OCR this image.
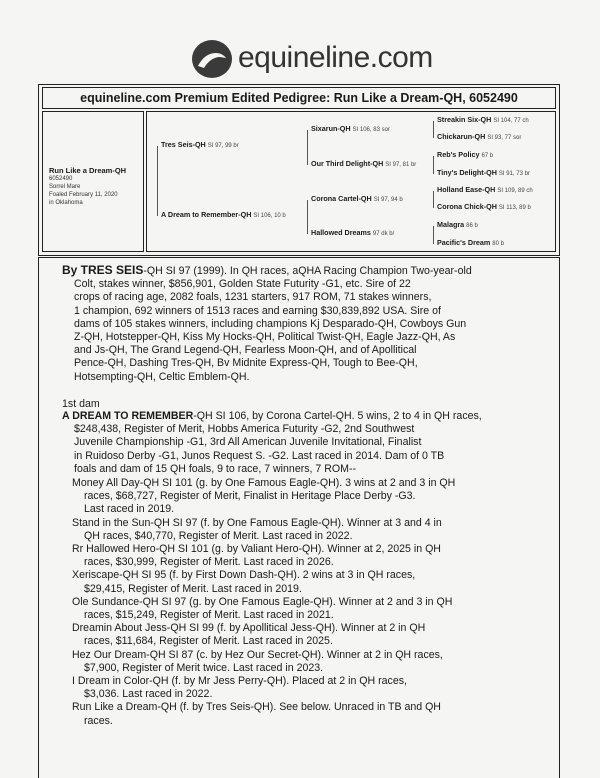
equineline.com
equineline.com Premium Edited Pedigree: Run Like a Dream-QH, 6052490
Run Like a Dream-QH
6052490
Sorrel Mare
Foaled February 11, 2020
in Oklahoma
Tres Seis-QH SI 97, 99 br
A Dream to Remember-QH SI 106, 10 b
Sixarun-QH SI 106, 83 sor
Our Third Delight-QH SI 97, 81 br
Corona Cartel-QH SI 97, 94 b
Hallowed Dreams 97 dk b/
Streakin Six-QH SI 104, 77 ch
Chickarun-QH SI 93, 77 sor
Reb's Policy 67 b
Tiny's Delight-QH SI 91, 73 br
Holland Ease-QH SI 109, 89 ch
Corona Chick-QH SI 113, 89 b
Malagra 86 b
Pacific's Dream 80 b
By TRES SEIS-QH SI 97 (1999). In QH races, aQHA Racing Champion Two-year-old
Colt, stakes winner, $856,901, Golden State Futurity -G1, etc. Sire of 22
crops of racing age, 2082 foals, 1231 starters, 917 ROM, 71 stakes winners,
1 champion, 692 winners of 1513 races and earning $30,839,892 USA. Sire of
dams of 105 stakes winners, including champions Kj Desparado-QH, Cowboys Gun
Z-QH, Hotstepper-QH, Kiss My Hocks-QH, Political Twist-QH, Eagle Jazz-QH, As
and Js-QH, The Grand Legend-QH, Fearless Moon-QH, and of Apollitical
Pence-QH, Dashing Tres-QH, Bv Midnite Express-QH, Tough to Bee-QH,
Hotsempting-QH, Celtic Emblem-QH.
1st dam
A DREAM TO REMEMBER-QH SI 106, by Corona Cartel-QH. 5 wins, 2 to 4 in QH races,
$248,438, Register of Merit, Hobbs America Futurity -G2, 2nd Southwest
Juvenile Championship -G1, 3rd All American Juvenile Invitational, Finalist
in Ruidoso Derby -G1, Junos Request S. -G2. Last raced in 2014. Dam of 0 TB
foals and dam of 15 QH foals, 9 to race, 7 winners, 7 ROM--
Money All Day-QH SI 101 (g. by One Famous Eagle-QH). 3 wins at 2 and 3 in QH
races, $68,727, Register of Merit, Finalist in Heritage Place Derby -G3.
Last raced in 2019.
Stand in the Sun-QH SI 97 (f. by One Famous Eagle-QH). Winner at 3 and 4 in
QH races, $40,770, Register of Merit. Last raced in 2022.
Rr Hallowed Hero-QH SI 101 (g. by Valiant Hero-QH). Winner at 2, 2025 in QH
races, $30,999, Register of Merit. Last raced in 2026.
Xeriscape-QH SI 95 (f. by First Down Dash-QH). 2 wins at 3 in QH races,
$29,415, Register of Merit. Last raced in 2019.
Ole Sundance-QH SI 97 (g. by One Famous Eagle-QH). Winner at 2 and 3 in QH
races, $15,249, Register of Merit. Last raced in 2021.
Dreamin About Jess-QH SI 99 (f. by Apollitical Jess-QH). Winner at 2 in QH
races, $11,684, Register of Merit. Last raced in 2025.
Hez Our Dream-QH SI 87 (c. by Hez Our Secret-QH). Winner at 2 in QH races,
$7,900, Register of Merit twice. Last raced in 2023.
I Dream in Color-QH (f. by Mr Jess Perry-QH). Placed at 2 in QH races,
$3,036. Last raced in 2022.
Run Like a Dream-QH (f. by Tres Seis-QH). See below. Unraced in TB and QH
races.
